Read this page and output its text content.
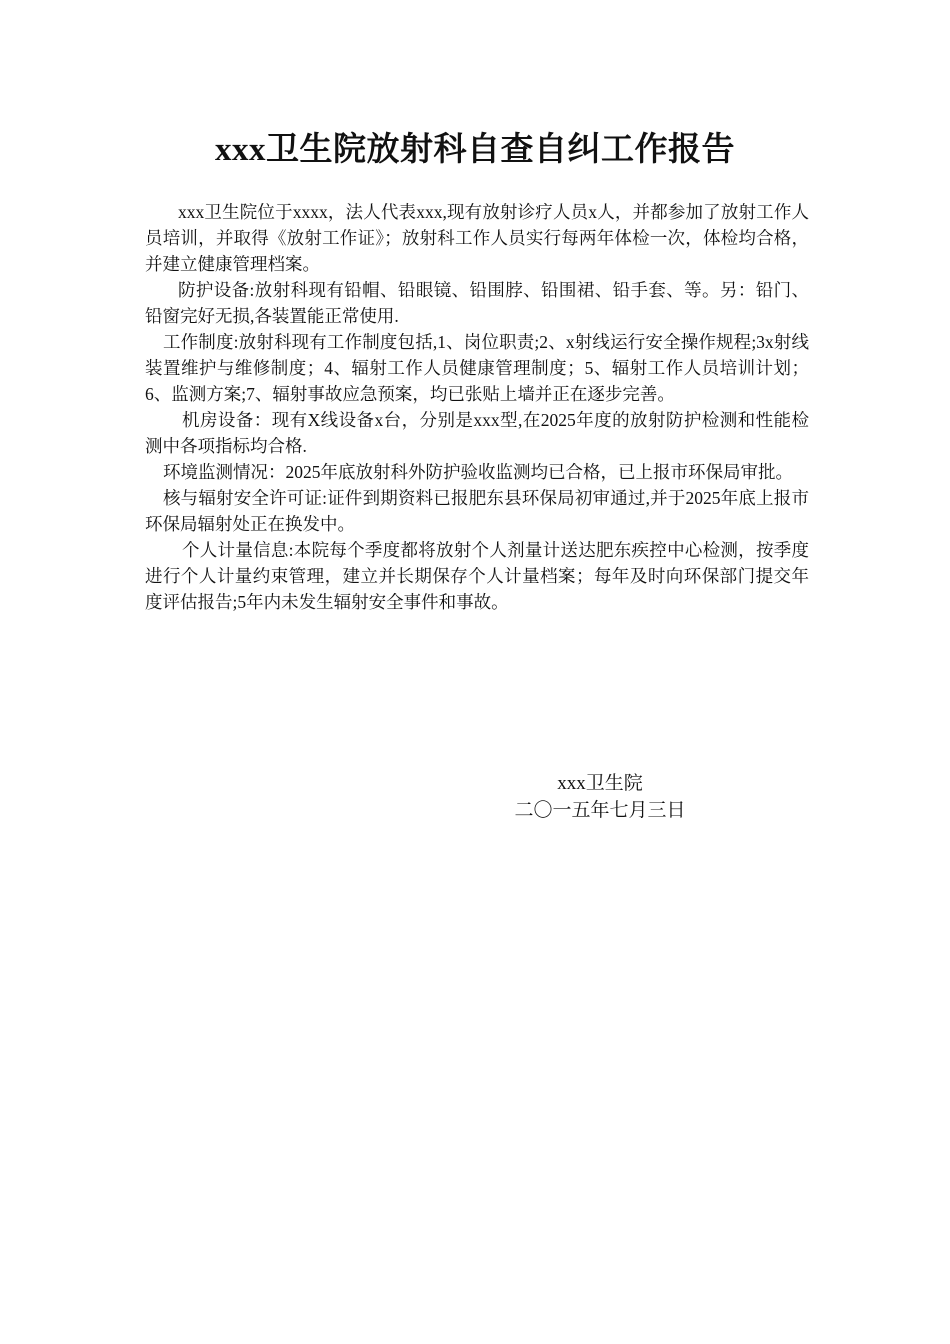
xxx卫生院放射科自查自纠工作报告

xxx卫生院位于xxxx，法人代表xxx,现有放射诊疗人员x人，并都参加了放射工作人员培训，并取得《放射工作证》；放射科工作人员实行每两年体检一次，体检均合格，并建立健康管理档案。

防护设备:放射科现有铅帽、铅眼镜、铅围脖、铅围裙、铅手套、等。另：铅门、铅窗完好无损,各装置能正常使用.

工作制度:放射科现有工作制度包括,1、岗位职责;2、x射线运行安全操作规程;3x射线装置维护与维修制度；4、辐射工作人员健康管理制度；5、辐射工作人员培训计划；6、监测方案;7、辐射事故应急预案，均已张贴上墙并正在逐步完善。

机房设备：现有X线设备x台，分别是xxx型,在2025年度的放射防护检测和性能检测中各项指标均合格.

环境监测情况：2025年底放射科外防护验收监测均已合格，已上报市环保局审批。

核与辐射安全许可证:证件到期资料已报肥东县环保局初审通过,并于2025年底上报市环保局辐射处正在换发中。

个人计量信息:本院每个季度都将放射个人剂量计送达肥东疾控中心检测，按季度进行个人计量约束管理，建立并长期保存个人计量档案；每年及时向环保部门提交年度评估报告;5年内未发生辐射安全事件和事故。

xxx卫生院
二〇一五年七月三日
